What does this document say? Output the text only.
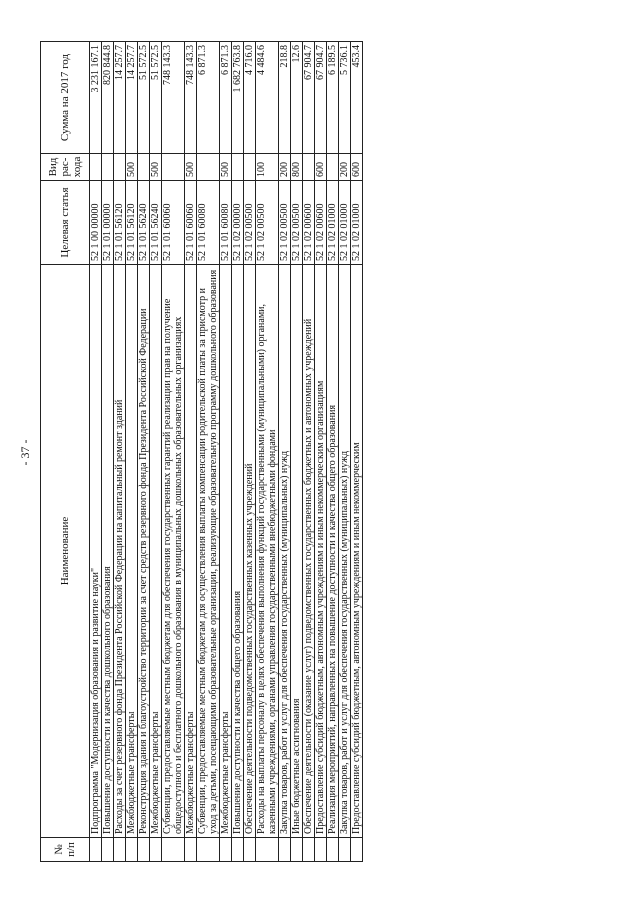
- 37 -
№ п/п	Наименование	Целевая статья	Вид рас-хода	Сумма на 2017 год
	Подпрограмма "Модернизация образования и развитие науки"	52 1 00 00000		3 231 167.1
	Повышение доступности и качества дошкольного образования	52 1 01 00000		820 844.8
	Расходы за счет резервного фонда Президента Российской Федерации на капитальный ремонт зданий	52 1 01 56120		14 257.7
	Межбюджетные трансферты	52 1 01 56120	500	14 257.7
	Реконструкция здания и благоустройство территории за счет средств резервного фонда Президента Российской Федерации	52 1 01 56240		51 572.5
	Межбюджетные трансферты	52 1 01 56240	500	51 572.5
	Субвенции, предоставляемые местным бюджетам для обеспечения государственных гарантий реализации прав на получение общедоступного и бесплатного дошкольного образования в муниципальных дошкольных образовательных организациях	52 1 01 60060		748 143.3
	Межбюджетные трансферты	52 1 01 60060	500	748 143.3
	Субвенции, предоставляемые местным бюджетам для осуществления выплаты компенсации родительской платы за присмотр и уход за детьми, посещающими образовательные организации, реализующие образовательную программу дошкольного образования	52 1 01 60080		6 871.3
	Межбюджетные трансферты	52 1 01 60080	500	6 871.3
	Повышение доступности и качества общего образования	52 1 02 00000		1 682 763.8
	Обеспечение деятельности подведомственных государственных казенных учреждений	52 1 02 00500		4 716.0
	Расходы на выплаты персоналу в целях обеспечения выполнения функций государственными (муниципальными) органами, казенными учреждениями, органами управления государственными внебюджетными фондами	52 1 02 00500	100	4 484.6
	Закупка товаров, работ и услуг для обеспечения государственных (муниципальных) нужд	52 1 02 00500	200	218.8
	Иные бюджетные ассигнования	52 1 02 00500	800	12.6
	Обеспечение деятельности (оказание услуг) подведомственных государственных бюджетных и автономных учреждений	52 1 02 00600		67 904.7
	Предоставление субсидий бюджетным, автономным учреждениям и иным некоммерческим организациям	52 1 02 00600	600	67 904.7
	Реализация мероприятий, направленных на повышение доступности и качества общего образования	52 1 02 01000		6 189.5
	Закупка товаров, работ и услуг для обеспечения государственных (муниципальных) нужд	52 1 02 01000	200	5 736.1
	Предоставление субсидий бюджетным, автономным учреждениям и иным некоммерческим	52 1 02 01000	600	453.4
